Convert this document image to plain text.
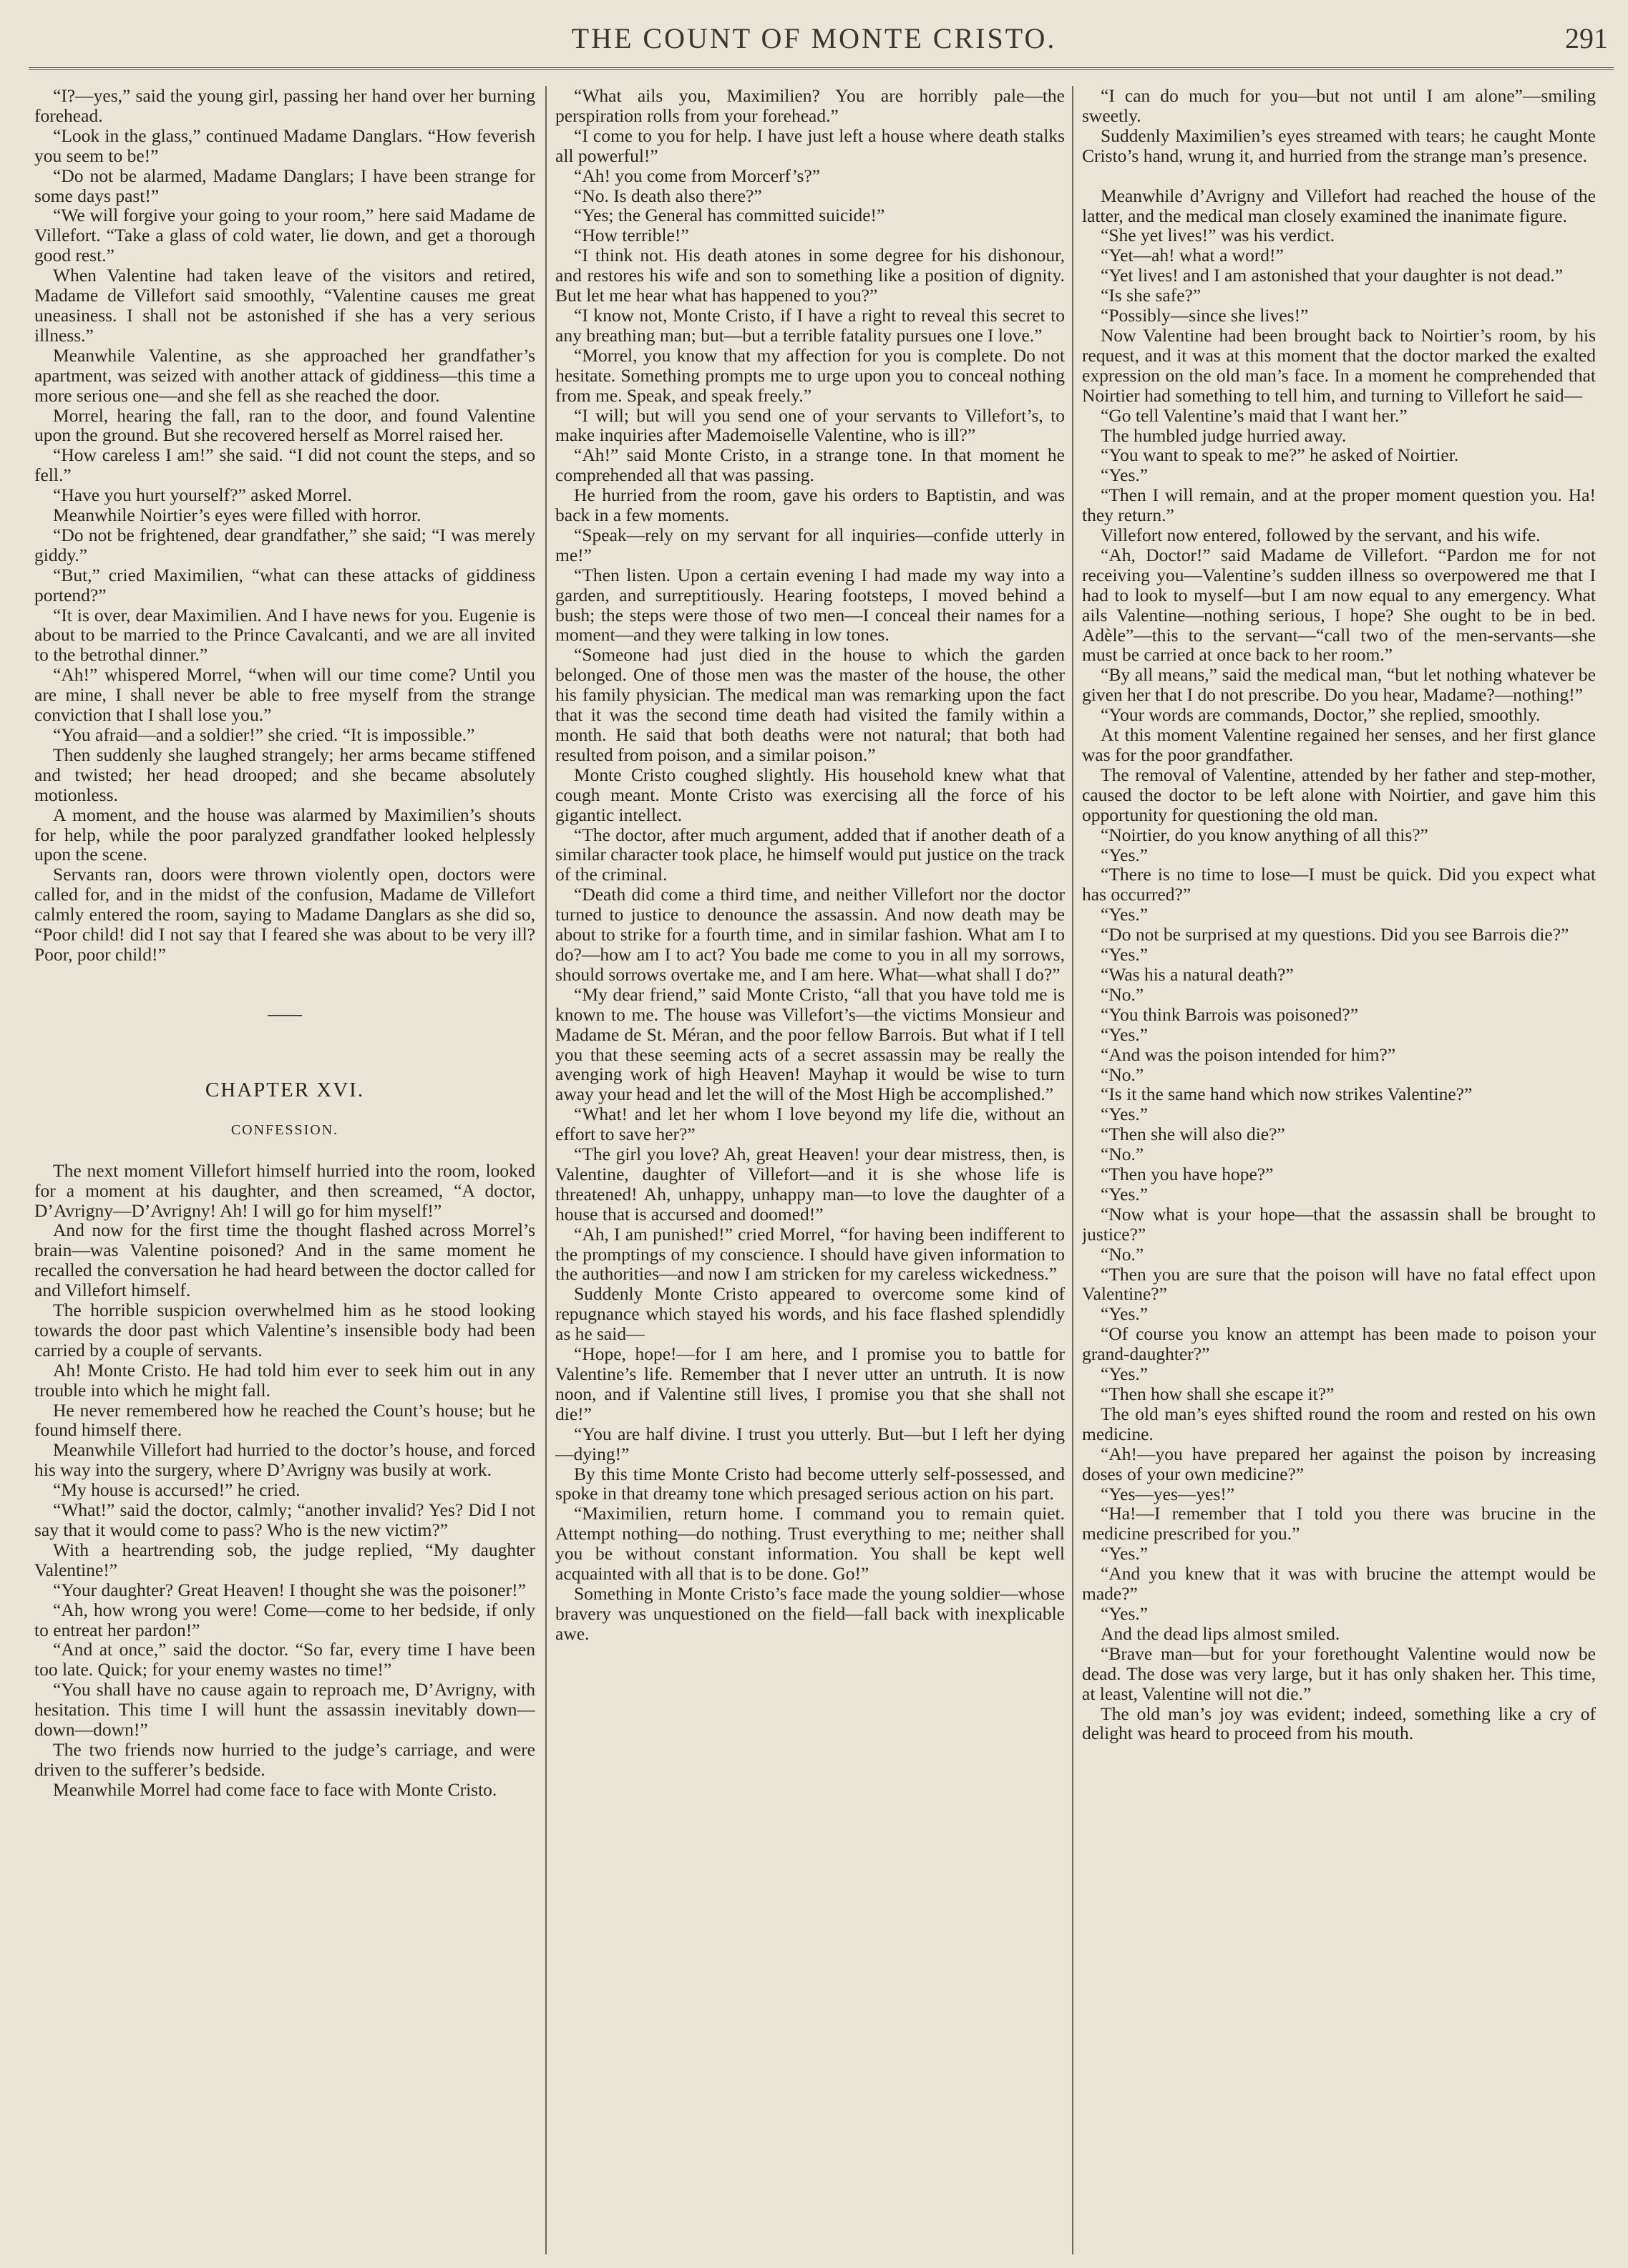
THE COUNT OF MONTE CRISTO.	291

“I?—yes,” said the young girl, passing her hand over her burning forehead.

“Look in the glass,” continued Madame Danglars. “How feverish you seem to be!”

“Do not be alarmed, Madame Danglars; I have been strange for some days past!”

“We will forgive your going to your room,” here said Madame de Villefort. “Take a glass of cold water, lie down, and get a thorough good rest.”

When Valentine had taken leave of the visitors and retired, Madame de Villefort said smoothly, “Valentine causes me great uneasiness. I shall not be astonished if she has a very serious illness.”

Meanwhile Valentine, as she approached her grandfather’s apartment, was seized with another attack of giddiness—this time a more serious one—and she fell as she reached the door.

Morrel, hearing the fall, ran to the door, and found Valentine upon the ground. But she recovered herself as Morrel raised her.

“How careless I am!” she said. “I did not count the steps, and so fell.”

“Have you hurt yourself?” asked Morrel.

Meanwhile Noirtier’s eyes were filled with horror.

“Do not be frightened, dear grandfather,” she said; “I was merely giddy.”

“But,” cried Maximilien, “what can these attacks of giddiness portend?”

“It is over, dear Maximilien. And I have news for you. Eugenie is about to be married to the Prince Cavalcanti, and we are all invited to the betrothal dinner.”

“Ah!” whispered Morrel, “when will our time come? Until you are mine, I shall never be able to free myself from the strange conviction that I shall lose you.”

“You afraid—and a soldier!” she cried. “It is impossible.”

Then suddenly she laughed strangely; her arms became stiffened and twisted; her head drooped; and she became absolutely motionless.

A moment, and the house was alarmed by Maximilien’s shouts for help, while the poor paralyzed grandfather looked helplessly upon the scene.

Servants ran, doors were thrown violently open, doctors were called for, and in the midst of the confusion, Madame de Villefort calmly entered the room, saying to Madame Danglars as she did so, “Poor child! did I not say that I feared she was about to be very ill? Poor, poor child!”

CHAPTER XVI.
CONFESSION.

The next moment Villefort himself hurried into the room, looked for a moment at his daughter, and then screamed, “A doctor, D’Avrigny—D’Avrigny! Ah! I will go for him myself!”

And now for the first time the thought flashed across Morrel’s brain—was Valentine poisoned? And in the same moment he recalled the conversation he had heard between the doctor called for and Villefort himself.

The horrible suspicion overwhelmed him as he stood looking towards the door past which Valentine’s insensible body had been carried by a couple of servants.

Ah! Monte Cristo. He had told him ever to seek him out in any trouble into which he might fall.

He never remembered how he reached the Count’s house; but he found himself there.

Meanwhile Villefort had hurried to the doctor’s house, and forced his way into the surgery, where D’Avrigny was busily at work.

“My house is accursed!” he cried.

“What!” said the doctor, calmly; “another invalid? Yes? Did I not say that it would come to pass? Who is the new victim?”

With a heartrending sob, the judge replied, “My daughter Valentine!”

“Your daughter? Great Heaven! I thought she was the poisoner!”

“Ah, how wrong you were! Come—come to her bedside, if only to entreat her pardon!”

“And at once,” said the doctor. “So far, every time I have been too late. Quick; for your enemy wastes no time!”

“You shall have no cause again to reproach me, D’Avrigny, with hesitation. This time I will hunt the assassin inevitably down—down—down!”

The two friends now hurried to the judge’s carriage, and were driven to the sufferer’s bedside.

Meanwhile Morrel had come face to face with Monte Cristo.

“What ails you, Maximilien? You are horribly pale—the perspiration rolls from your forehead.”

“I come to you for help. I have just left a house where death stalks all powerful!”

“Ah! you come from Morcerf’s?”

“No. Is death also there?”

“Yes; the General has committed suicide!”

“How terrible!”

“I think not. His death atones in some degree for his dishonour, and restores his wife and son to something like a position of dignity. But let me hear what has happened to you?”

“I know not, Monte Cristo, if I have a right to reveal this secret to any breathing man; but—but a terrible fatality pursues one I love.”

“Morrel, you know that my affection for you is complete. Do not hesitate. Something prompts me to urge upon you to conceal nothing from me. Speak, and speak freely.”

“I will; but will you send one of your servants to Villefort’s, to make inquiries after Mademoiselle Valentine, who is ill?”

“Ah!” said Monte Cristo, in a strange tone. In that moment he comprehended all that was passing.

He hurried from the room, gave his orders to Baptistin, and was back in a few moments.

“Speak—rely on my servant for all inquiries—confide utterly in me!”

“Then listen. Upon a certain evening I had made my way into a garden, and surreptitiously. Hearing footsteps, I moved behind a bush; the steps were those of two men—I conceal their names for a moment—and they were talking in low tones.

“Someone had just died in the house to which the garden belonged. One of those men was the master of the house, the other his family physician. The medical man was remarking upon the fact that it was the second time death had visited the family within a month. He said that both deaths were not natural; that both had resulted from poison, and a similar poison.”

Monte Cristo coughed slightly. His household knew what that cough meant. Monte Cristo was exercising all the force of his gigantic intellect.

“The doctor, after much argument, added that if another death of a similar character took place, he himself would put justice on the track of the criminal.

“Death did come a third time, and neither Villefort nor the doctor turned to justice to denounce the assassin. And now death may be about to strike for a fourth time, and in similar fashion. What am I to do?—how am I to act? You bade me come to you in all my sorrows, should sorrows overtake me, and I am here. What—what shall I do?”

“My dear friend,” said Monte Cristo, “all that you have told me is known to me. The house was Villefort’s—the victims Monsieur and Madame de St. Méran, and the poor fellow Barrois. But what if I tell you that these seeming acts of a secret assassin may be really the avenging work of high Heaven! Mayhap it would be wise to turn away your head and let the will of the Most High be accomplished.”

“What! and let her whom I love beyond my life die, without an effort to save her?”

“The girl you love? Ah, great Heaven! your dear mistress, then, is Valentine, daughter of Villefort—and it is she whose life is threatened! Ah, unhappy, unhappy man—to love the daughter of a house that is accursed and doomed!”

“Ah, I am punished!” cried Morrel, “for having been indifferent to the promptings of my conscience. I should have given information to the authorities—and now I am stricken for my careless wickedness.”

Suddenly Monte Cristo appeared to overcome some kind of repugnance which stayed his words, and his face flashed splendidly as he said—

“Hope, hope!—for I am here, and I promise you to battle for Valentine’s life. Remember that I never utter an untruth. It is now noon, and if Valentine still lives, I promise you that she shall not die!”

“You are half divine. I trust you utterly. But—but I left her dying—dying!”

By this time Monte Cristo had become utterly self-possessed, and spoke in that dreamy tone which presaged serious action on his part.

“Maximilien, return home. I command you to remain quiet. Attempt nothing—do nothing. Trust everything to me; neither shall you be without constant information. You shall be kept well acquainted with all that is to be done. Go!”

Something in Monte Cristo’s face made the young soldier—whose bravery was unquestioned on the field—fall back with inexplicable awe.

“I can do much for you—but not until I am alone”—smiling sweetly.

Suddenly Maximilien’s eyes streamed with tears; he caught Monte Cristo’s hand, wrung it, and hurried from the strange man’s presence.

Meanwhile d’Avrigny and Villefort had reached the house of the latter, and the medical man closely examined the inanimate figure.

“She yet lives!” was his verdict.

“Yet—ah! what a word!”

“Yet lives! and I am astonished that your daughter is not dead.”

“Is she safe?”

“Possibly—since she lives!”

Now Valentine had been brought back to Noirtier’s room, by his request, and it was at this moment that the doctor marked the exalted expression on the old man’s face. In a moment he comprehended that Noirtier had something to tell him, and turning to Villefort he said—

“Go tell Valentine’s maid that I want her.”

The humbled judge hurried away.

“You want to speak to me?” he asked of Noirtier.

“Yes.”

“Then I will remain, and at the proper moment question you. Ha! they return.”

Villefort now entered, followed by the servant, and his wife.

“Ah, Doctor!” said Madame de Villefort. “Pardon me for not receiving you—Valentine’s sudden illness so overpowered me that I had to look to myself—but I am now equal to any emergency. What ails Valentine—nothing serious, I hope? She ought to be in bed. Adèle”—this to the servant—“call two of the men-servants—she must be carried at once back to her room.”

“By all means,” said the medical man, “but let nothing whatever be given her that I do not prescribe. Do you hear, Madame?—nothing!”

“Your words are commands, Doctor,” she replied, smoothly.

At this moment Valentine regained her senses, and her first glance was for the poor grandfather.

The removal of Valentine, attended by her father and step-mother, caused the doctor to be left alone with Noirtier, and gave him this opportunity for questioning the old man.

“Noirtier, do you know anything of all this?”

“Yes.”

“There is no time to lose—I must be quick. Did you expect what has occurred?”

“Yes.”

“Do not be surprised at my questions. Did you see Barrois die?”

“Yes.”

“Was his a natural death?”

“No.”

“You think Barrois was poisoned?”

“Yes.”

“And was the poison intended for him?”

“No.”

“Is it the same hand which now strikes Valentine?”

“Yes.”

“Then she will also die?”

“No.”

“Then you have hope?”

“Yes.”

“Now what is your hope—that the assassin shall be brought to justice?”

“No.”

“Then you are sure that the poison will have no fatal effect upon Valentine?”

“Yes.”

“Of course you know an attempt has been made to poison your grand-daughter?”

“Yes.”

“Then how shall she escape it?”

The old man’s eyes shifted round the room and rested on his own medicine.

“Ah!—you have prepared her against the poison by increasing doses of your own medicine?”

“Yes—yes—yes!”

“Ha!—I remember that I told you there was brucine in the medicine prescribed for you.”

“Yes.”

“And you knew that it was with brucine the attempt would be made?”

“Yes.”

And the dead lips almost smiled.

“Brave man—but for your forethought Valentine would now be dead. The dose was very large, but it has only shaken her. This time, at least, Valentine will not die.”

The old man’s joy was evident; indeed, something like a cry of delight was heard to proceed from his mouth.
